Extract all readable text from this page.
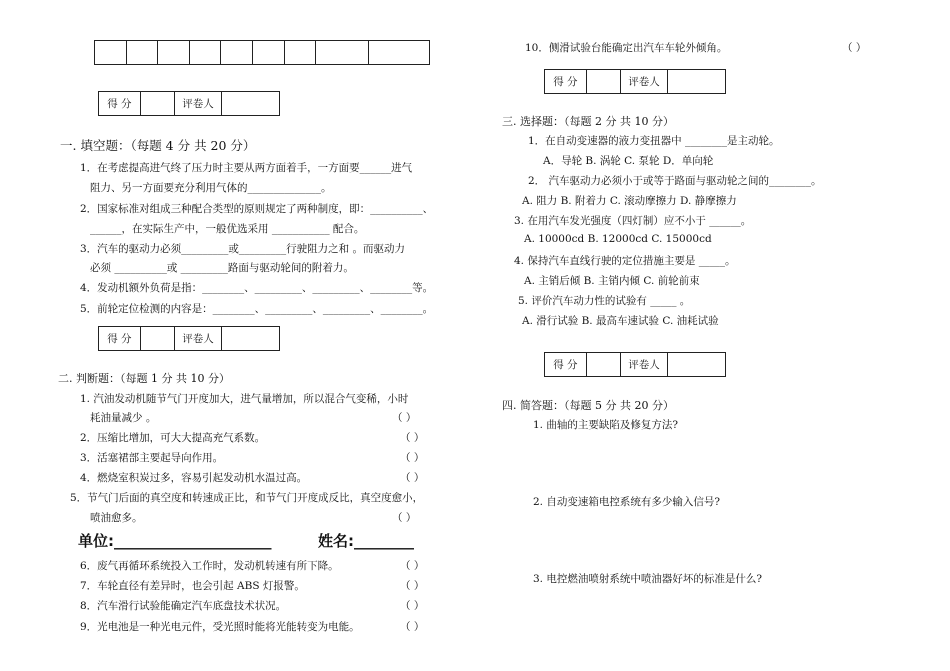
得 分		评卷人	
一. 填空题：（每题 4 分 共 20 分）
1．在考虑提高进气终了压力时主要从两方面着手，一方面要______进气
阻力、另一方面要充分利用气体的______________。
2．国家标准对组成三种配合类型的原则规定了两种制度，即：__________、
______，在实际生产中，一般优选采用 ___________ 配合。
3．汽车的驱动力必须_________或_________行驶阻力之和 。而驱动力
必须 __________或 _________路面与驱动轮间的附着力。
4．发动机额外负荷是指：________、_________、_________、________等。
5．前轮定位检测的内容是：________、_________、_________、________。
得 分		评卷人	
二. 判断题：（每题 1 分 共 10 分）
1. 汽油发动机随节气门开度加大，进气量增加，所以混合气变稀，小时
耗油量减少 。	（ ）
2．压缩比增加，可大大提高充气系数。	（ ）
3．活塞裙部主要起导向作用。	（ ）
4．燃烧室积炭过多，容易引起发动机水温过高。	（ ）
5．节气门后面的真空度和转速成正比，和节气门开度成反比，真空度愈小，
喷油愈多。	（ ）
单位:_____________________	姓名:________
6．废气再循环系统投入工作时，发动机转速有所下降。	（ ）
7．车轮直径有差异时，也会引起 ABS 灯报警。	（ ）
8．汽车滑行试验能确定汽车底盘技术状况。	（ ）
9．光电池是一种光电元件，受光照时能将光能转变为电能。	（ ）
10．侧滑试验台能确定出汽车车轮外倾角。	（ ）
得 分		评卷人	
三. 选择题：（每题 2 分 共 10 分）
1．在自动变速器的液力变扭器中 ________是主动轮。
A．导轮 B. 涡轮 C. 泵轮 D．单向轮
2． 汽车驱动力必须小于或等于路面与驱动轮之间的________。
A. 阻力 B. 附着力 C. 滚动摩擦力 D. 静摩擦力
3. 在用汽车发光强度（四灯制）应不小于 ______。
A. 10000cd B. 12000cd C. 15000cd
4. 保持汽车直线行驶的定位措施主要是 _____。
A. 主销后倾 B. 主销内倾 C. 前轮前束
5. 评价汽车动力性的试验有 _____ 。
A. 滑行试验 B. 最高车速试验 C. 油耗试验
得 分		评卷人	
四. 简答题：（每题 5 分 共 20 分）
1. 曲轴的主要缺陷及修复方法?
2. 自动变速箱电控系统有多少输入信号?
3. 电控燃油喷射系统中喷油器好坏的标准是什么?
